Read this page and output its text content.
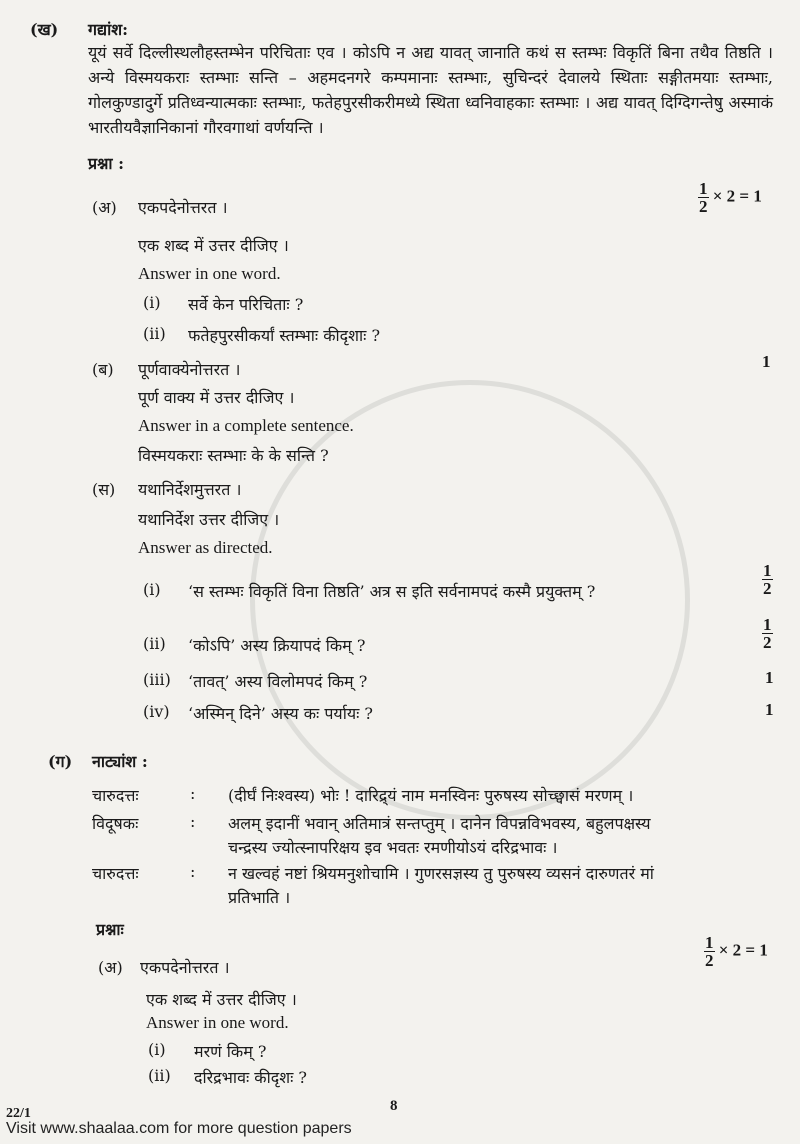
(ख) गद्यांश:
यूयं सर्वे दिल्लीस्थलौहस्तम्भेन परिचिताः एव । कोऽपि न अद्य यावत् जानाति कथं स स्तम्भः विकृतिं बिना तथैव तिष्ठति । अन्ये विस्मयकराः स्तम्भाः सन्ति – अहमदनगरे कम्पमानाः स्तम्भाः, सुचिन्दरं देवालये स्थिताः सङ्गीतमयाः स्तम्भाः, गोलकुण्डादुर्गे प्रतिध्वन्यात्मकाः स्तम्भाः, फतेहपुरसीकरीमध्ये स्थिता ध्वनिवाहकाः स्तम्भाः । अद्य यावत् दिग्दिगन्तेषु अस्माकं भारतीयवैज्ञानिकानां गौरवगाथां वर्णयन्ति ।
प्रश्ना :
(अ) एकपदेनोत्तरत ।	$\frac{1}{2} \times 2 = 1$
एक शब्द में उत्तर दीजिए ।
Answer in one word.
(i) सर्वे केन परिचिताः ?
(ii) फतेहपुरसीकर्यां स्तम्भाः कीदृशाः ?
(ब) पूर्णवाक्येनोत्तरत ।	1
पूर्ण वाक्य में उत्तर दीजिए ।
Answer in a complete sentence.
विस्मयकराः स्तम्भाः के के सन्ति ?
(स) यथानिर्देशमुत्तरत ।
यथानिर्देश उत्तर दीजिए ।
Answer as directed.
(i) ‘स स्तम्भः विकृतिं विना तिष्ठति’ अत्र स इति सर्वनामपदं कस्मै प्रयुक्तम् ?	$\frac{1}{2}$
(ii) ‘कोऽपि’ अस्य क्रियापदं किम् ?	$\frac{1}{2}$
(iii) ‘तावत्’ अस्य विलोमपदं किम् ?	1
(iv) ‘अस्मिन् दिने’ अस्य कः पर्यायः ?	1
(ग) नाट्यांश :
चारुदत्तः	: (दीर्घं निःश्वस्य) भोः ! दारिद्र्यं नाम मनस्विनः पुरुषस्य सोच्छ्वासं मरणम् ।
विदूषकः	: अलम् इदानीं भवान् अतिमात्रं सन्तप्तुम् । दानेन विपन्नविभवस्य, बहुलपक्षस्य
चन्द्रस्य ज्योत्स्नापरिक्षय इव भवतः रमणीयोऽयं दरिद्रभावः ।
चारुदत्तः	: न खल्वहं नष्टां श्रियमनुशोचामि । गुणरसज्ञस्य तु पुरुषस्य व्यसनं दारुणतरं मां
प्रतिभाति ।
प्रश्नाः
(अ) एकपदेनोत्तरत ।	$\frac{1}{2} \times 2 = 1$
एक शब्द में उत्तर दीजिए ।
Answer in one word.
(i) मरणं किम् ?
(ii) दरिद्रभावः कीदृशः ?
22/1	8
Visit www.shaalaa.com for more question papers
